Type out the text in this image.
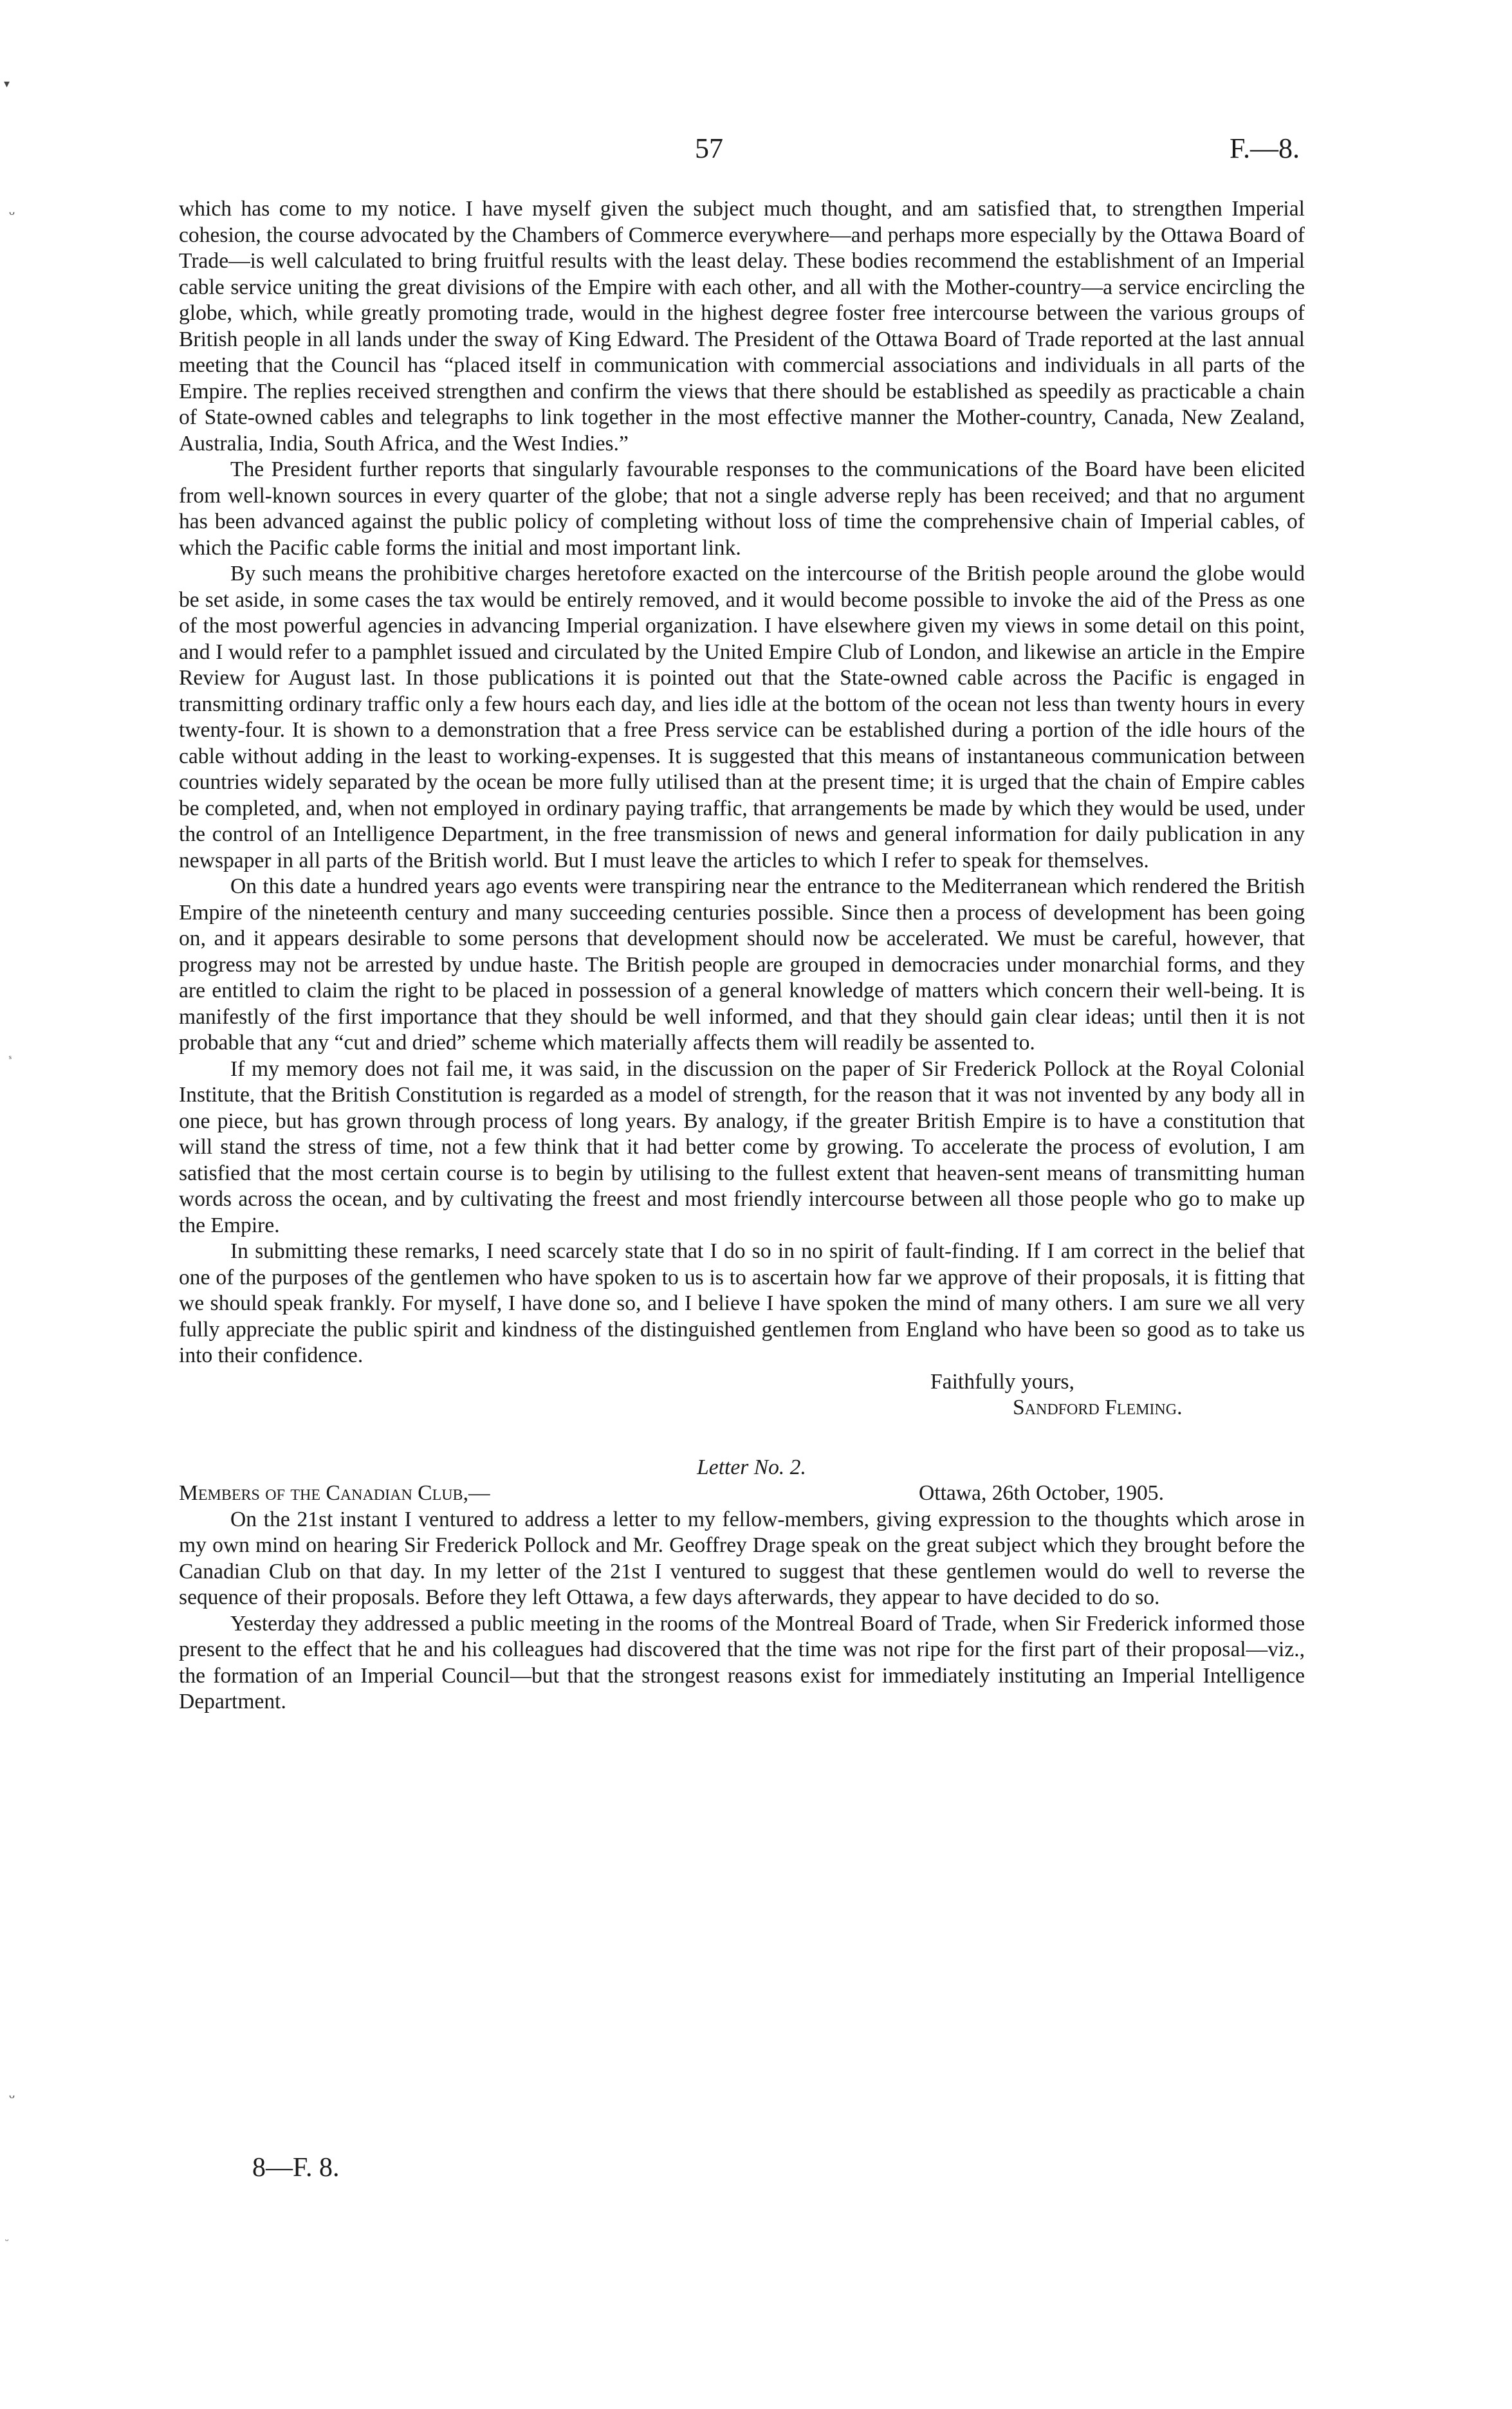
▾
ᴗ
ˢ
ᴗ
ᵕ
57	F.—8.

which has come to my notice. I have myself given the subject much thought, and am satisfied that, to strengthen Imperial cohesion, the course advocated by the Chambers of Commerce everywhere—and perhaps more especially by the Ottawa Board of Trade—is well calculated to bring fruitful results with the least delay. These bodies recommend the establishment of an Imperial cable service uniting the great divisions of the Empire with each other, and all with the Mother-country—a service encircling the globe, which, while greatly promoting trade, would in the highest degree foster free intercourse between the various groups of British people in all lands under the sway of King Edward. The President of the Ottawa Board of Trade reported at the last annual meeting that the Council has “placed itself in communication with commercial associations and individuals in all parts of the Empire. The replies received strengthen and confirm the views that there should be established as speedily as practicable a chain of State-owned cables and telegraphs to link together in the most effective manner the Mother-country, Canada, New Zealand, Australia, India, South Africa, and the West Indies.”

The President further reports that singularly favourable responses to the communications of the Board have been elicited from well-known sources in every quarter of the globe; that not a single adverse reply has been received; and that no argument has been advanced against the public policy of completing without loss of time the comprehensive chain of Imperial cables, of which the Pacific cable forms the initial and most important link.

By such means the prohibitive charges heretofore exacted on the intercourse of the British people around the globe would be set aside, in some cases the tax would be entirely removed, and it would become possible to invoke the aid of the Press as one of the most powerful agencies in advancing Imperial organization. I have elsewhere given my views in some detail on this point, and I would refer to a pamphlet issued and circulated by the United Empire Club of London, and likewise an article in the Empire Review for August last. In those publications it is pointed out that the State-owned cable across the Pacific is engaged in transmitting ordinary traffic only a few hours each day, and lies idle at the bottom of the ocean not less than twenty hours in every twenty-four. It is shown to a demonstration that a free Press service can be established during a portion of the idle hours of the cable without adding in the least to working-expenses. It is suggested that this means of instantaneous communication between countries widely separated by the ocean be more fully utilised than at the present time; it is urged that the chain of Empire cables be completed, and, when not employed in ordinary paying traffic, that arrangements be made by which they would be used, under the control of an Intelligence Department, in the free transmission of news and general information for daily publication in any newspaper in all parts of the British world. But I must leave the articles to which I refer to speak for themselves.

On this date a hundred years ago events were transpiring near the entrance to the Mediterranean which rendered the British Empire of the nineteenth century and many succeeding centuries possible. Since then a process of development has been going on, and it appears desirable to some persons that development should now be accelerated. We must be careful, however, that progress may not be arrested by undue haste. The British people are grouped in democracies under monarchial forms, and they are entitled to claim the right to be placed in possession of a general knowledge of matters which concern their well-being. It is manifestly of the first importance that they should be well informed, and that they should gain clear ideas; until then it is not probable that any “cut and dried” scheme which materially affects them will readily be assented to.

If my memory does not fail me, it was said, in the discussion on the paper of Sir Frederick Pollock at the Royal Colonial Institute, that the British Constitution is regarded as a model of strength, for the reason that it was not invented by any body all in one piece, but has grown through process of long years. By analogy, if the greater British Empire is to have a constitution that will stand the stress of time, not a few think that it had better come by growing. To accelerate the process of evolution, I am satisfied that the most certain course is to begin by utilising to the fullest extent that heaven-sent means of transmitting human words across the ocean, and by cultivating the freest and most friendly intercourse between all those people who go to make up the Empire.

In submitting these remarks, I need scarcely state that I do so in no spirit of fault-finding. If I am correct in the belief that one of the purposes of the gentlemen who have spoken to us is to ascertain how far we approve of their proposals, it is fitting that we should speak frankly. For myself, I have done so, and I believe I have spoken the mind of many others. I am sure we all very fully appreciate the public spirit and kindness of the distinguished gentlemen from England who have been so good as to take us into their confidence.

Faithfully yours,
Sandford Fleming.
Letter No. 2.
Members of the Canadian Club,—	Ottawa, 26th October, 1905.

On the 21st instant I ventured to address a letter to my fellow-members, giving expression to the thoughts which arose in my own mind on hearing Sir Frederick Pollock and Mr. Geoffrey Drage speak on the great subject which they brought before the Canadian Club on that day. In my letter of the 21st I ventured to suggest that these gentlemen would do well to reverse the sequence of their proposals. Before they left Ottawa, a few days afterwards, they appear to have decided to do so.

Yesterday they addressed a public meeting in the rooms of the Montreal Board of Trade, when Sir Frederick informed those present to the effect that he and his colleagues had discovered that the time was not ripe for the first part of their proposal—viz., the formation of an Imperial Council—but that the strongest reasons exist for immediately instituting an Imperial Intelligence Department.

8—F. 8.
